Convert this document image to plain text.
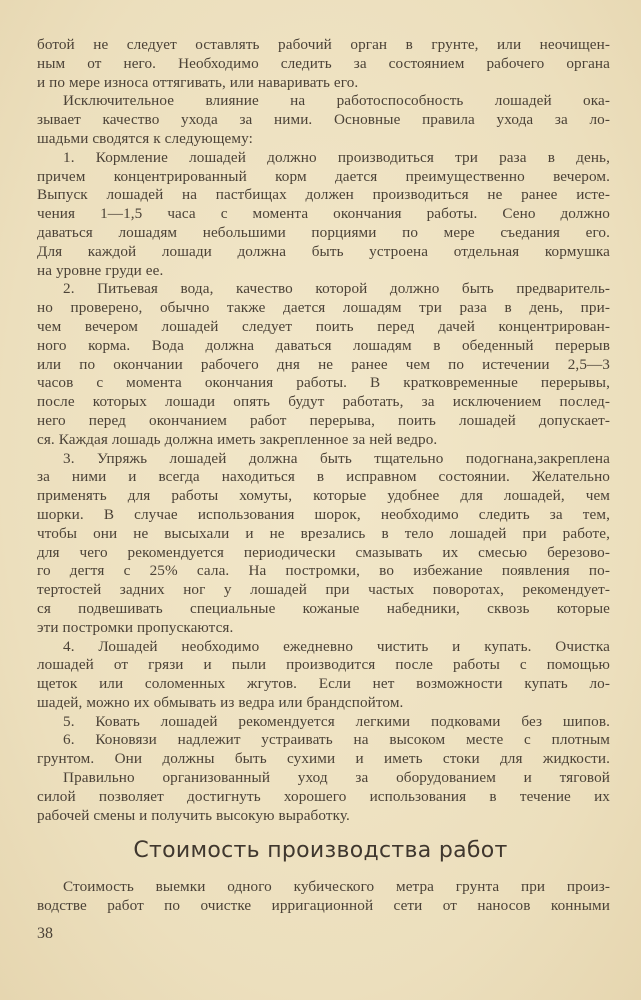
ботой не следует оставлять рабочий орган в грунте, или неочищен-
ным от него. Необходимо следить за состоянием рабочего органа
и по мере износа оттягивать, или наваривать его.
Исключительное влияние на работоспособность лошадей ока-
зывает качество ухода за ними. Основные правила ухода за ло-
шадьми сводятся к следующему:
1. Кормление лошадей должно производиться три раза в день,
причем концентрированный корм дается преимущественно вечером.
Выпуск лошадей на пастбищах должен производиться не ранее исте-
чения 1—1,5 часа с момента окончания работы. Сено должно
даваться лошадям небольшими порциями по мере съедания его.
Для каждой лошади должна быть устроена отдельная кормушка
на уровне груди ее.
2. Питьевая вода, качество которой должно быть предваритель-
но проверено, обычно также дается лошадям три раза в день, при-
чем вечером лошадей следует поить перед дачей концентрирован-
ного корма. Вода должна даваться лошадям в обеденный перерыв
или по окончании рабочего дня не ранее чем по истечении 2,5—3
часов с момента окончания работы. В кратковременные перерывы,
после которых лошади опять будут работать, за исключением послед-
него перед окончанием работ перерыва, поить лошадей допускает-
ся. Каждая лошадь должна иметь закрепленное за ней ведро.
3. Упряжь лошадей должна быть тщательно подогнана,закреплена
за ними и всегда находиться в исправном состоянии. Желательно
применять для работы хомуты, которые удобнее для лошадей, чем
шорки. В случае использования шорок, необходимо следить за тем,
чтобы они не высыхали и не врезались в тело лошадей при работе,
для чего рекомендуется периодически смазывать их смесью березово-
го дегтя с 25% сала. На постромки, во избежание появления по-
тертостей задних ног у лошадей при частых поворотах, рекомендует-
ся подвешивать специальные кожаные набедники, сквозь которые
эти постромки пропускаются.
4. Лошадей необходимо ежедневно чистить и купать. Очистка
лошадей от грязи и пыли производится после работы с помощью
щеток или соломенных жгутов. Если нет возможности купать ло-
шадей, можно их обмывать из ведра или брандспойтом.
5. Ковать лошадей рекомендуется легкими подковами без шипов.
6. Коновязи надлежит устраивать на высоком месте с плотным
грунтом. Они должны быть сухими и иметь стоки для жидкости.
Правильно организованный уход за оборудованием и тяговой
силой позволяет достигнуть хорошего использования в течение их
рабочей смены и получить высокую выработку.
Стоимость производства работ
Стоимость выемки одного кубического метра грунта при произ-
водстве работ по очистке ирригационной сети от наносов конными
38
